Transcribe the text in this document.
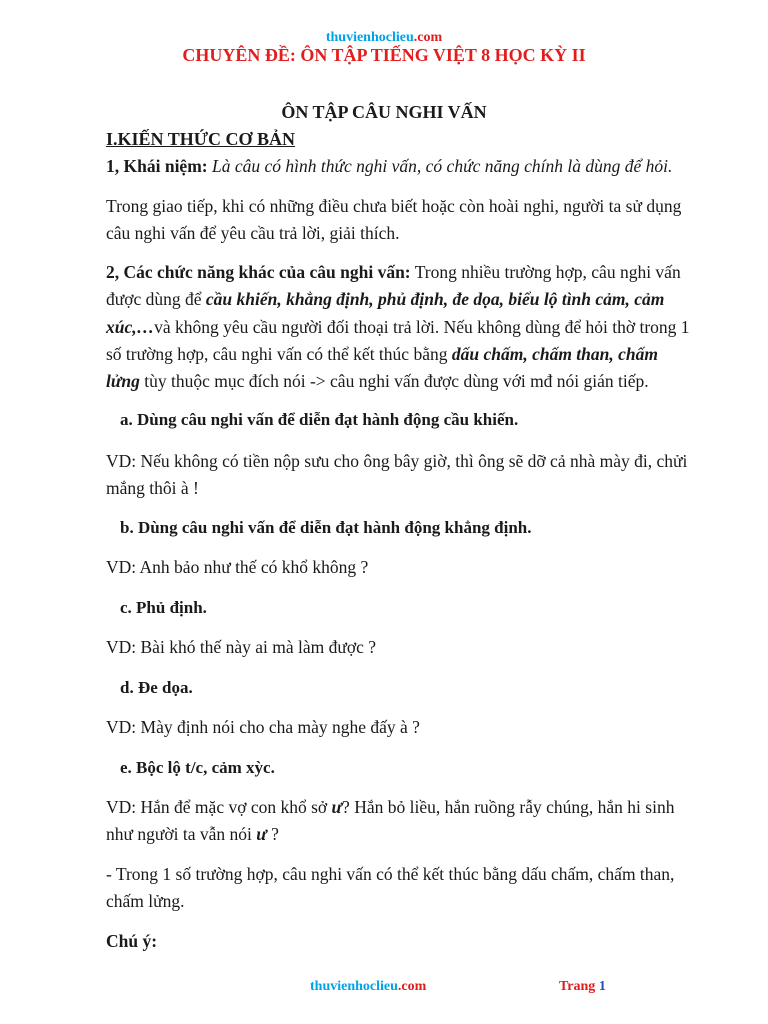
thuvienhoclieu.com
CHUYÊN ĐỀ: ÔN TẬP TIẾNG VIỆT 8 HỌC KỲ II
ÔN TẬP CÂU NGHI VẤN
I.KIẾN THỨC CƠ BẢN
1, Khái niệm: Là câu có hình thức nghi vấn, có chức năng chính là dùng để hỏi.
Trong giao tiếp, khi có những điều chưa biết hoặc còn hoài nghi, người ta sử dụng
câu nghi vấn để yêu cầu trả lời, giải thích.
2, Các chức năng khác của câu nghi vấn: Trong nhiều trường hợp, câu nghi vấn
được dùng để cầu khiến, khẳng định, phủ định, đe dọa, biểu lộ tình cảm, cảm
xúc,…và không yêu cầu người đối thoại trả lời. Nếu không dùng để hỏi thờ trong 1
số trường hợp, câu nghi vấn có thể kết thúc bằng dấu chấm, chấm than, chấm
lửng tùy thuộc mục đích nói -> câu nghi vấn được dùng với mđ nói gián tiếp.
a. Dùng câu nghi vấn để diễn đạt hành động cầu khiến.
VD: Nếu không có tiền nộp sưu cho ông bây giờ, thì ông sẽ dỡ cả nhà mày đi, chửi
mắng thôi à !
b. Dùng câu nghi vấn để diễn đạt hành động khẳng định.
VD: Anh bảo như thế có khổ không ?
c. Phủ định.
VD: Bài khó thế này ai mà làm được ?
d. Đe dọa.
VD: Mày định nói cho cha mày nghe đấy à ?
e. Bộc lộ t/c, cảm xỳc.
VD: Hắn để mặc vợ con khổ sở ư? Hắn bỏ liều, hắn ruồng rẫy chúng, hắn hi sinh
như người ta vẫn nói ư ?
- Trong 1 số trường hợp, câu nghi vấn có thể kết thúc bằng dấu chấm, chấm than,
chấm lửng.
Chú ý:
thuvienhoclieu.com	Trang 1
